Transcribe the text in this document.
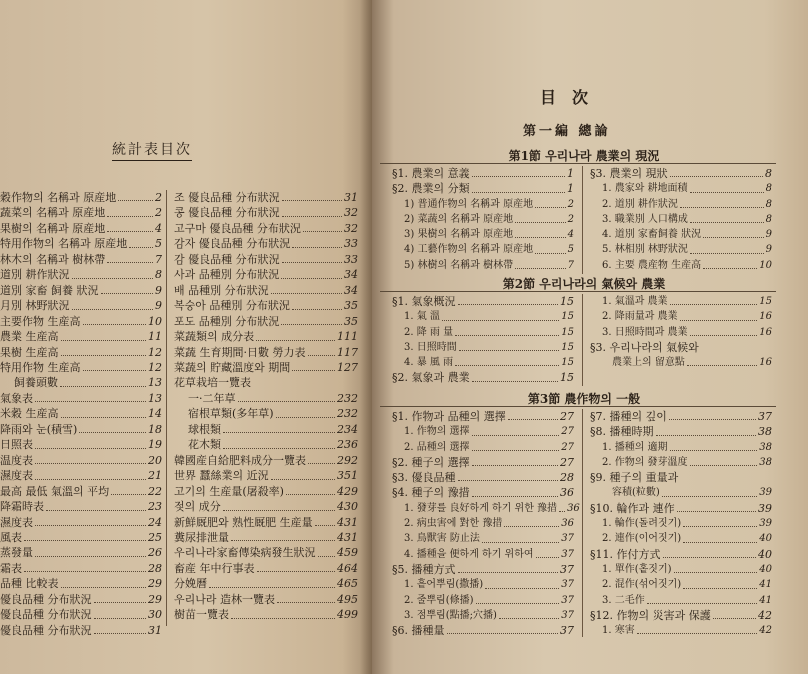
統計表目次
穀作物의 名稱과 原産地	2
蔬菜의 名稱과 原産地	2
果樹의 名稱과 原産地	4
特用作物의 名稱과 原産地	5
林木의 名稱과 樹林帶	7
道別 耕作狀況	8
道別 家畜 飼養 狀況	9
月別 林野狀況	9
主要作物 生産高	10
農業 生産高	11
果樹 生産高	12
特用作物 生産高	12
飼養頭數	13
氣象表	13
米穀 生産高	14
降雨와 눈(積雪)	18
日照表	19
温度表	20
濕度表	21
最高 最低 氣溫의 平均	22
降霜時表	23
濕度表	24
風表	25
蒸發量	26
霜表	28
品種 比較表	29
優良品種 分布狀況	29
優良品種 分布狀況	30
優良品種 分布狀況	31
조 優良品種 分布狀況	31
콩 優良品種 分布狀況	32
고구마 優良品種 分布狀況	32
감자 優良品種 分布狀況	33
감 優良品種 分布狀況	33
사과 品種別 分布狀況	34
배 品種別 分布狀況	34
복숭아 品種別 分布狀況	35
포도 品種別 分布狀況	35
菜蔬類의 成分表	111
菜蔬 生育期間·日數 勞力表	117
菜蔬의 貯藏溫度와 期間	127
花草栽培一覽表
一·二年草	232
宿根草類(多年草)	232
球根類	234
花木類	236
韓國産自給肥料成分一覽表	292
世界 蠶絲業의 近況	351
고기의 生産量(屠殺率)	429
젖의 成分	430
新鮮厩肥와 熟性厩肥 生産量 431
糞尿排泄量	431
우리나라家畜傳染病發生狀況 459
畜産 年中行事表	464
分娩曆	465
우리나라 造林一覽表	495
樹苗一覽表	499
目次
第一編 總論
第1節 우리나라 農業의 現況
§1. 農業의 意義	1
§2. 農業의 分類	1
1) 普通作物의 名稱과 原産地	2
2) 菜蔬의 名稱과 原産地	2
3) 果樹의 名稱과 原産地	4
4) 工藝作物의 名稱과 原産地	5
5) 林樹의 名稱과 樹林帶	7
§3. 農業의 現狀	8
1. 農家와 耕地面積	8
2. 道別 耕作狀況	8
3. 職業別 人口構成	8
4. 道別 家畜飼養 狀況	9
5. 林相別 林野狀況	9
6. 主要 農産物 生産高	10
第2節 우리나라의 氣候와 農業
§1. 氣象概況	15
1. 氣 溫	15
2. 降 雨 量	15
3. 日照時間	15
4. 暴 風 雨	15
§2. 氣象과 農業	15
1. 氣溫과 農業	15
2. 降雨量과 農業	16
3. 日照時間과 農業	16
§3. 우리나라의 氣候와
農業上의 留意點	16
第3節 農作物의 一般
§1. 作物과 品種의 選擇	27
1. 作物의 選擇	27
2. 品種의 選擇	27
§2. 種子의 選擇	27
§3. 優良品種	28
§4. 種子의 豫措	36
1. 發芽를 良好하게 하기 위한 豫措 36
2. 病虫害에 對한 豫措	36
3. 鳥獸害 防止法	37
4. 播種을 便하게 하기 위하여	37
§5. 播種方式	37
1. 흩어뿌림(撒播)	37
2. 줄뿌림(條播)	37
3. 점뿌림(點播;穴播)	37
§6. 播種量	37
§7. 播種의 깊이	37
§8. 播種時期	38
1. 播種의 適期	38
2. 作物의 發芽溫度	38
§9. 種子의 重量과
容積(粒數)	39
§10. 輪作과 連作	39
1. 輪作(돌려짓기)	39
2. 連作(이어짓기)	40
§11. 作付方式	40
1. 單作(홑짓기)	40
2. 混作(섞어짓기)	41
3. 二毛作	41
§12. 作物의 災害과 保護	42
1. 寒害	42
